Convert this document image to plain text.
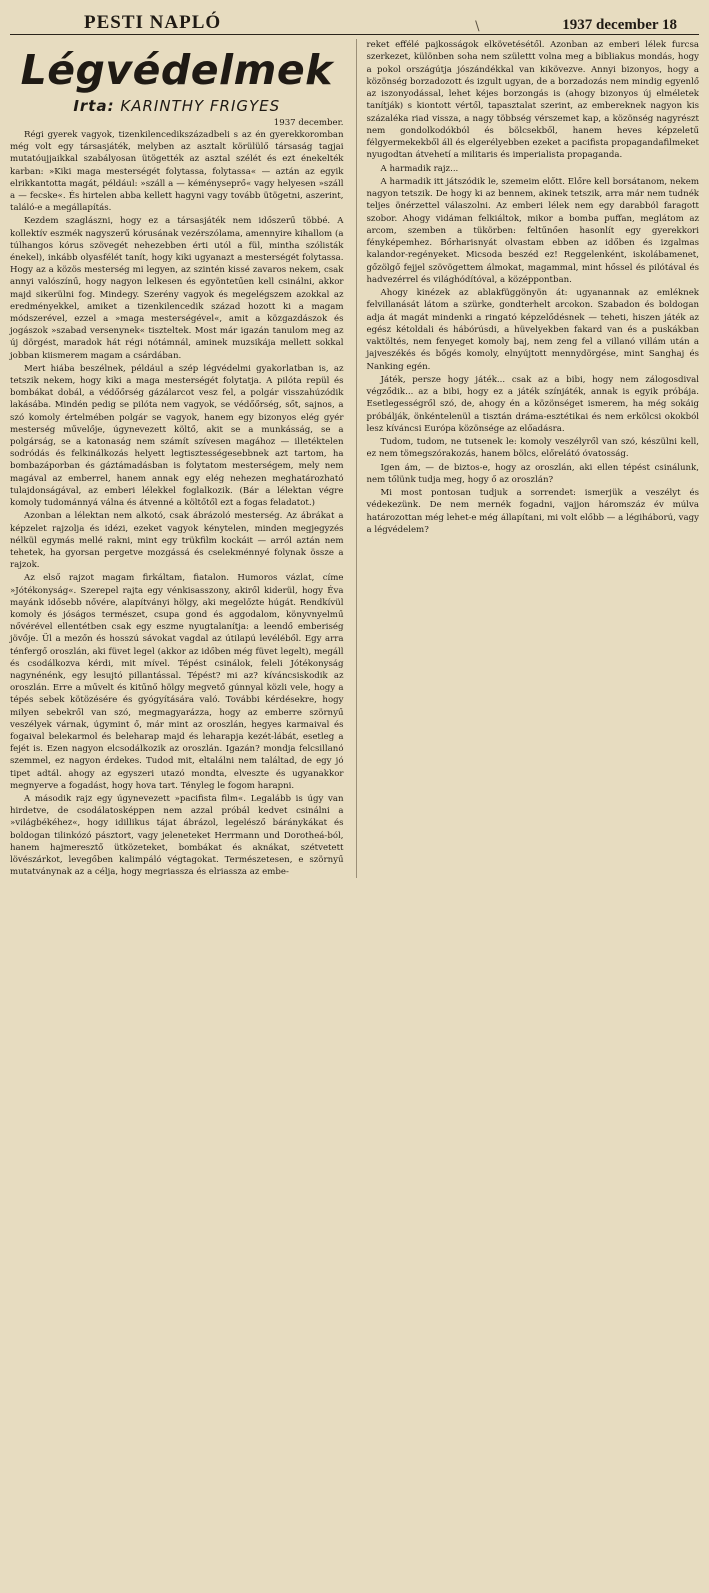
PESTI NAPLÓ	\	1937 december 18
Légvédelmek
Irta: KARINTHY FRIGYES

1937 december.

Régi gyerek vagyok, tizenkilencedikszázadbeli s az én gyerekkoromban még volt egy társasjáték, melyben az asztalt körülülő társaság tagjai mutatóujjaikkal szabályosan ütögették az asztal szélét és ezt énekelték karban: »Kiki maga mesterségét folytassa, folytassa« — aztán az egyik elrikkantotta magát, például: »száll a — kéményseprő« vagy helyesen »száll a — fecske«. És hirtelen abba kellett hagyni vagy tovább ütögetni, aszerint, találó-e a megállapítás.

Kezdem szaglászni, hogy ez a társasjáték nem időszerű többé. A kollektív eszmék nagyszerű kórusának vezérszólama, amennyire kihallom (a túlhangos kórus szövegét nehezebben érti utól a fül, mintha szólisták énekel), inkább olyasfélét tanít, hogy kiki ugyanazt a mesterségét folytassa. Hogy az a közös mesterség mi legyen, az szintén kissé zavaros nekem, csak annyi valószínű, hogy nagyon lelkesen és egyöntetűen kell csinálni, akkor majd sikerülni fog. Mindegy. Szerény vagyok és megelégszem azokkal az eredményekkel, amiket a tizenkilencedik század hozott ki a magam módszerével, ezzel a »maga mesterségével«, amit a közgazdászok és jogászok »szabad versenynek« tiszteltek. Most már igazán tanulom meg az új dörgést, maradok hát régi nótámnál, aminek muzsikája mellett sokkal jobban kiismerem magam a csárdában.

Mert hiába beszélnek, például a szép légvédelmi gyakorlatban is, az tetszik nekem, hogy kiki a maga mesterségét folytatja. A pilóta repül és bombákat dobál, a védőőrség gázálarcot vesz fel, a polgár visszahúzódik lakásába. Mindén pedig se pilóta nem vagyok, se védőőrség, sőt, sajnos, a szó komoly értelmében polgár se vagyok, hanem egy bizonyos elég gyér mesterség művelője, úgynevezett költő, akit se a munkásság, se a polgárság, se a katonaság nem számít szívesen magához — illetéktelen sodródás és felkinálkozás helyett legtisztességesebbnek azt tartom, ha bombazáporban és gáztámadásban is folytatom mesterségem, mely nem magával az emberrel, hanem annak egy elég nehezen meghatározható tulajdonságával, az emberi lélekkel foglalkozik. (Bár a lélektan végre komoly tudománnyá válna és átvenné a költőtől ezt a fogas feladatot.)

Azonban a lélektan nem alkotó, csak ábrázoló mesterség. Az ábrákat a képzelet rajzolja és idézi, ezeket vagyok kénytelen, minden megjegyzés nélkül egymás mellé rakni, mint egy trükfilm kockáit — arról aztán nem tehetek, ha gyorsan pergetve mozgássá és cselekménnyé folynak össze a rajzok.

Az első rajzot magam firkáltam, fiatalon. Humoros vázlat, címe »Jótékonyság«. Szerepel rajta egy vénkisasszony, akiről kiderül, hogy Éva mayánk idősebb nővére, alapítványi hölgy, aki megelőzte húgát. Rendkívül komoly és jóságos természet, csupa gond és aggodalom, könyvnyelmű nővérével ellentétben csak egy eszme nyugtalanítja: a leendő emberiség jövője. Ül a mezőn és hosszú sávokat vagdal az útilapú levéléből. Egy arra ténfergő oroszlán, aki füvet legel (akkor az időben még füvet legelt), megáll és csodálkozva kérdi, mit mível. Tépést csinálok, feleli Jótékonyság nagynénénk, egy lesujtó pillantással. Tépést? mi az? kíváncsiskodik az oroszlán. Erre a művelt és kitűnő hölgy megvető gúnnyal közli vele, hogy a tépés sebek kötözésére és gyógyítására való. További kérdésekre, hogy milyen sebekről van szó, megmagyarázza, hogy az emberre szörnyű veszélyek várnak, úgymint ő, már mint az oroszlán, hegyes karmaival és fogaival belekarmol és beleharap majd és leharapja kezét-lábát, esetleg a fejét is. Ezen nagyon elcsodálkozik az oroszlán. Igazán? mondja felcsillanó szemmel, ez nagyon érdekes. Tudod mit, eltalálni nem találtad, de egy jó tipet adtál. ahogy az egyszeri utazó mondta, elveszte és ugyanakkor megnyerve a fogadást, hogy hova tart. Tényleg le fogom harapni.

A második rajz egy úgynevezett »pacifista film«. Legalább is úgy van hirdetve, de csodálatosképpen nem azzal próbál kedvet csinálni a »világbékéhez«, hogy idillikus tájat ábrázol, legelésző báránykákat és boldogan tilinkózó pásztort, vagy jeleneteket Herrmann und Dorotheá-ból, hanem hajmeresztő ütközeteket, bombákat és aknákat, szétvetett lövészárkot, levegőben kalimpáló végtagokat. Természetesen, e szörnyű mutatványnak az a célja, hogy megriassza és elriassza az embe-

reket effélé pajkosságok elkövetésétől. Azonban az emberi lélek furcsa szerkezet, különben soha nem születtt volna meg a bibliakus mondás, hogy a pokol országútja jószándékkal van kikövezve. Annyi bizonyos, hogy a közönség borzadozott és izgult ugyan, de a borzadozás nem mindig egyenlő az iszonyodással, lehet kéjes borzongás is (ahogy bizonyos új elméletek tanítják) s kiontott vértől, tapasztalat szerint, az embereknek nagyon kis százaléka riad vissza, a nagy többség vérszemet kap, a közönség nagyrészt nem gondolkodókból és bölcsekből, hanem heves képzeletű félgyermekekből áll és elgerélyebben ezeket a pacifista propagandafilmeket nyugodtan átvehetí a militaris és imperialista propaganda.

A harmadik rajz...

A harmadik itt játszódik le, szemeim előtt. Előre kell borsátanom, nekem nagyon tetszik. De hogy ki az bennem, akinek tetszik, arra már nem tudnék teljes önérzettel válaszolni. Az emberi lélek nem egy darabból faragott szobor. Ahogy vidáman felkiáltok, mikor a bomba puffan, meglátom az arcom, szemben a tükörben: feltűnően hasonlít egy gyerekkori fényképemhez. Bőrharisnyát olvastam ebben az időben és izgalmas kalandor-regényeket. Micsoda beszéd ez! Reggelenként, iskolábamenet, gőzölgő fejjel szövögettem álmokat, magammal, mint hőssel és pilótával és hadvezérrel és világhódítóval, a középpontban.

Ahogy kinézek az ablakfüggönyön át: ugyanannak az emléknek felvillanását látom a szürke, gondterhelt arcokon. Szabadon és boldogan adja át magát mindenki a ringató képzelődésnek — teheti, hiszen játék az egész kétoldali és hábórúsdi, a hüvelyekben fakard van és a puskákban vaktöltés, nem fenyeget komoly baj, nem zeng fel a villanó villám után a jajveszékés és bőgés komoly, elnyújtott mennydörgése, mint Sanghaj és Nanking egén.

Játék, persze hogy játék... csak az a bibi, hogy nem zálogosdival végződik... az a bibi, hogy ez a játék színjáték, annak is egyik próbája. Esetlegességről szó, de, ahogy én a közönséget ismerem, ha még sokáig próbálják, önkéntelenül a tisztán dráma-esztétikai és nem erkölcsi okokból lesz kíváncsi Európa közönsége az előadásra.

Tudom, tudom, ne tutsenek le: komoly veszélyről van szó, készülni kell, ez nem tömegszórakozás, hanem bölcs, előrelátó óvatosság.

Igen ám, — de biztos-e, hogy az oroszlán, aki ellen tépést csinálunk, nem tőlünk tudja meg, hogy ő az oroszlán?

Mi most pontosan tudjuk a sorrendet: ismerjük a veszélyt és védekezünk. De nem mernék fogadni, vajjon háromszáz év múlva határozottan még lehet-e még állapítani, mi volt előbb — a légiháború, vagy a légvédelem?
